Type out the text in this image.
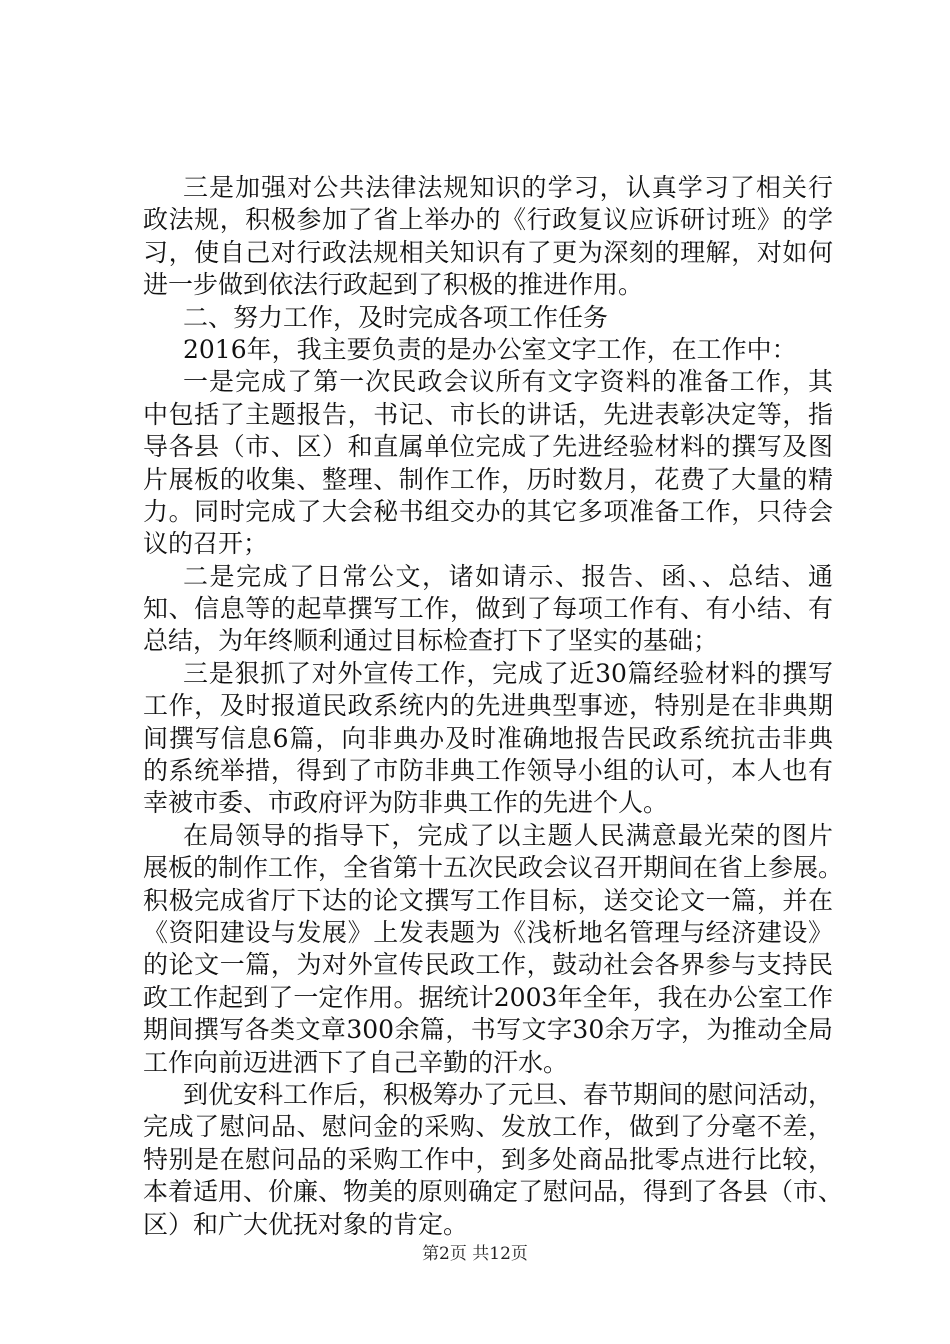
三是加强对公共法律法规知识的学习，认真学习了相关行
政法规，积极参加了省上举办的《行政复议应诉研讨班》的学
习，使自己对行政法规相关知识有了更为深刻的理解，对如何
进一步做到依法行政起到了积极的推进作用。
二、努力工作，及时完成各项工作任务
2016年，我主要负责的是办公室文字工作，在工作中：
一是完成了第一次民政会议所有文字资料的准备工作，其
中包括了主题报告，书记、市长的讲话，先进表彰决定等，指
导各县（市、区）和直属单位完成了先进经验材料的撰写及图
片展板的收集、整理、制作工作，历时数月，花费了大量的精
力。同时完成了大会秘书组交办的其它多项准备工作，只待会
议的召开；
二是完成了日常公文，诸如请示、报告、函、、总结、通
知、信息等的起草撰写工作，做到了每项工作有、有小结、有
总结，为年终顺利通过目标检查打下了坚实的基础；
三是狠抓了对外宣传工作，完成了近30篇经验材料的撰写
工作，及时报道民政系统内的先进典型事迹，特别是在非典期
间撰写信息6篇，向非典办及时准确地报告民政系统抗击非典
的系统举措，得到了市防非典工作领导小组的认可，本人也有
幸被市委、市政府评为防非典工作的先进个人。
在局领导的指导下，完成了以主题人民满意最光荣的图片
展板的制作工作，全省第十五次民政会议召开期间在省上参展。
积极完成省厅下达的论文撰写工作目标，送交论文一篇，并在
《资阳建设与发展》上发表题为《浅析地名管理与经济建设》
的论文一篇，为对外宣传民政工作，鼓动社会各界参与支持民
政工作起到了一定作用。据统计2003年全年，我在办公室工作
期间撰写各类文章300余篇，书写文字30余万字，为推动全局
工作向前迈进洒下了自己辛勤的汗水。
到优安科工作后，积极筹办了元旦、春节期间的慰问活动，
完成了慰问品、慰问金的采购、发放工作，做到了分毫不差，
特别是在慰问品的采购工作中，到多处商品批零点进行比较，
本着适用、价廉、物美的原则确定了慰问品，得到了各县（市、
区）和广大优抚对象的肯定。
第2页 共12页
